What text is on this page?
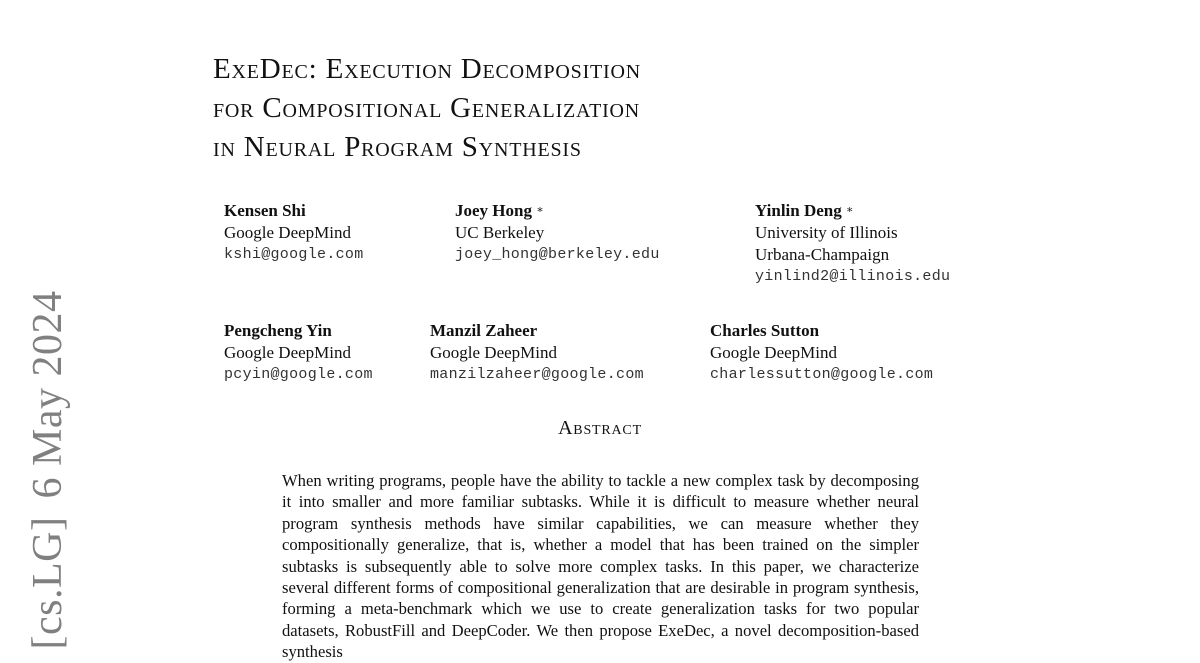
[cs.LG]6 May 2024
ExeDec: Execution Decomposition
for Compositional Generalization
in Neural Program Synthesis
Kensen Shi
Google DeepMind
kshi@google.com
Joey Hong ∗
UC Berkeley
joey_hong@berkeley.edu
Yinlin Deng ∗
University of Illinois
Urbana-Champaign
yinlind2@illinois.edu
Pengcheng Yin
Google DeepMind
pcyin@google.com
Manzil Zaheer
Google DeepMind
manzilzaheer@google.com
Charles Sutton
Google DeepMind
charlessutton@google.com
Abstract

When writing programs, people have the ability to tackle a new complex task by decomposing it into smaller and more familiar subtasks. While it is difficult to measure whether neural program synthesis methods have similar capabilities, we can measure whether they compositionally generalize, that is, whether a model that has been trained on the simpler subtasks is subsequently able to solve more complex tasks. In this paper, we characterize several different forms of compositional generalization that are desirable in program synthesis, forming a meta-benchmark which we use to create generalization tasks for two popular datasets, RobustFill and DeepCoder. We then propose ExeDec, a novel decomposition-based synthesis
